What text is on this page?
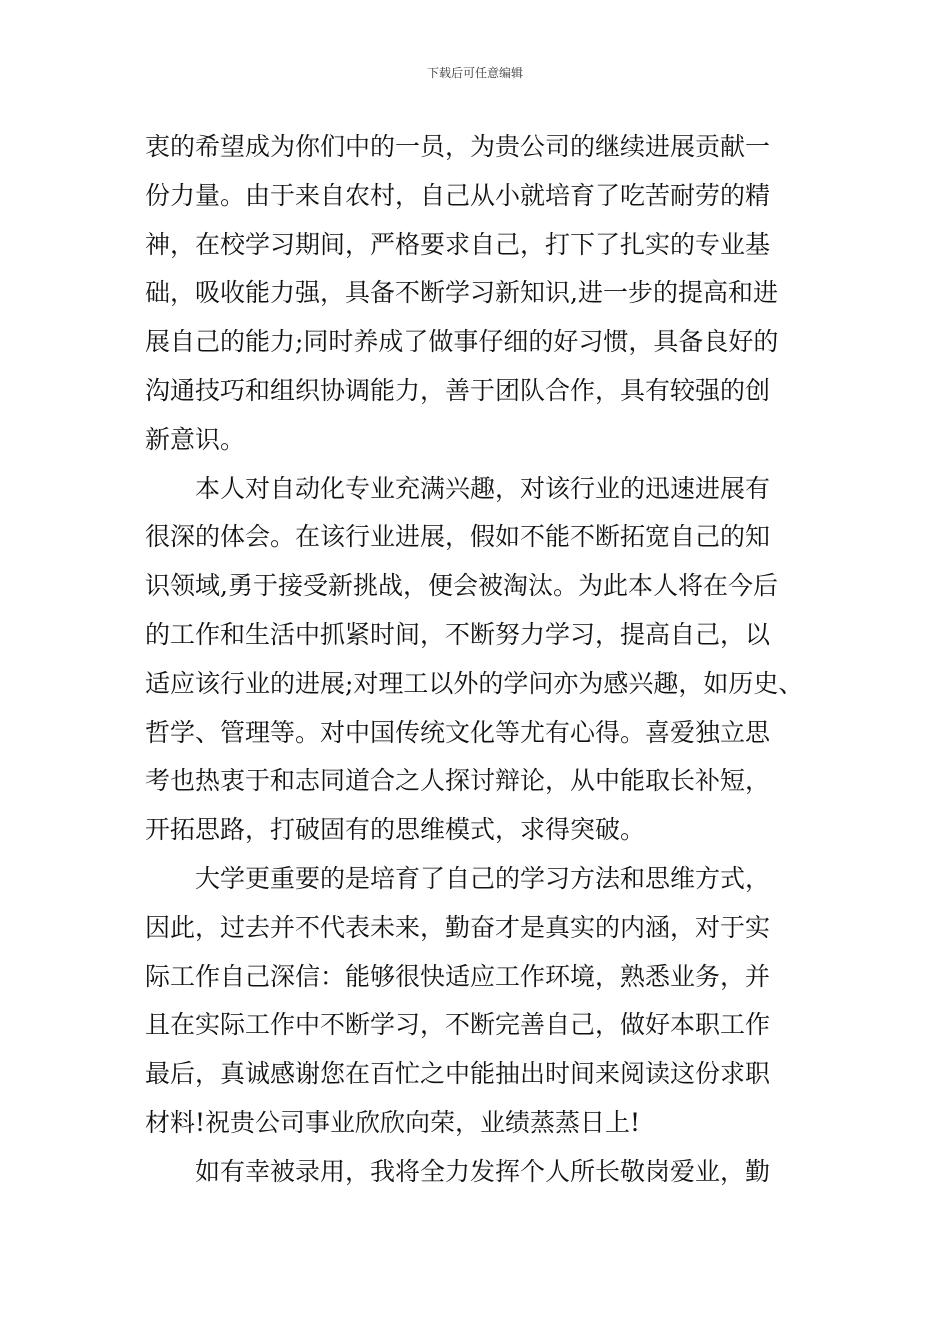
下载后可任意编辑
衷的希望成为你们中的一员，为贵公司的继续进展贡献一
份力量。由于来自农村，自己从小就培育了吃苦耐劳的精
神，在校学习期间，严格要求自己，打下了扎实的专业基
础，吸收能力强，具备不断学习新知识,进一步的提高和进
展自己的能力;同时养成了做事仔细的好习惯，具备良好的
沟通技巧和组织协调能力，善于团队合作，具有较强的创
新意识。
本人对自动化专业充满兴趣，对该行业的迅速进展有
很深的体会。在该行业进展，假如不能不断拓宽自己的知
识领域,勇于接受新挑战，便会被淘汰。为此本人将在今后
的工作和生活中抓紧时间，不断努力学习，提高自己，以
适应该行业的进展;对理工以外的学问亦为感兴趣，如历史、
哲学、管理等。对中国传统文化等尤有心得。喜爱独立思
考也热衷于和志同道合之人探讨辩论，从中能取长补短，
开拓思路，打破固有的思维模式，求得突破。
大学更重要的是培育了自己的学习方法和思维方式，
因此，过去并不代表未来，勤奋才是真实的内涵，对于实
际工作自己深信：能够很快适应工作环境，熟悉业务，并
且在实际工作中不断学习，不断完善自己，做好本职工作
最后，真诚感谢您在百忙之中能抽出时间来阅读这份求职
材料!祝贵公司事业欣欣向荣，业绩蒸蒸日上!
如有幸被录用，我将全力发挥个人所长敬岗爱业，勤
